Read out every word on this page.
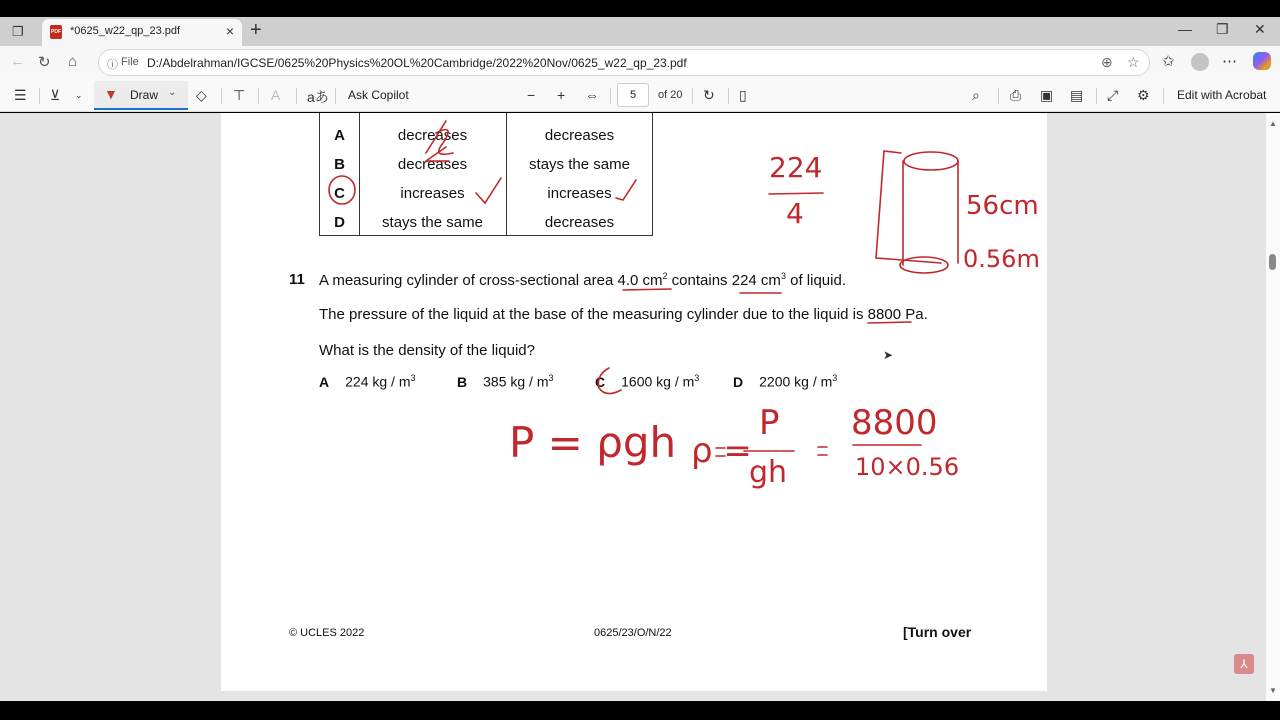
❐	PDF *0625_w22_qp_23.pdf	× +	— ❐ ✕
← ↻ ⌂	ⓘ File D:/Abdelrahman/IGCSE/0625%20Physics%20OL%20Cambridge/2022%20Nov/0625_w22_qp_23.pdf	⊕ ☆ ✩	⋯
☰ ⊻ ⌄ ▼ Draw ⌄ ◇ ⊤ A aあ Ask Copilot	− + ⇔	5	of 20 ↻ ▯	⌕ ⎙ ▣ ▤ ⤢ ⚙ Edit with Acrobat
A	decreases	decreases
B	decreases	stays the same
C	increases	increases
D	stays the same	decreases
11 A measuring cylinder of cross-sectional area 4.0 $cm^2$ contains 224 $cm^3$ of liquid.
The pressure of the liquid at the base of the measuring cylinder due to the liquid is 8800 Pa.
What is the density of the liquid?
A 224 kg / $m^3$	B 385 kg / $m^3$	C 1600 kg / $m^3$ D 2200 kg / $m^3$
© UCLES 2022	0625/23/O/N/22	[Turn over
224
4	56cm
0.56m
P = ρgh ρ =
P
gh
8800
10×0.56
▲
▼
⅄
➤
